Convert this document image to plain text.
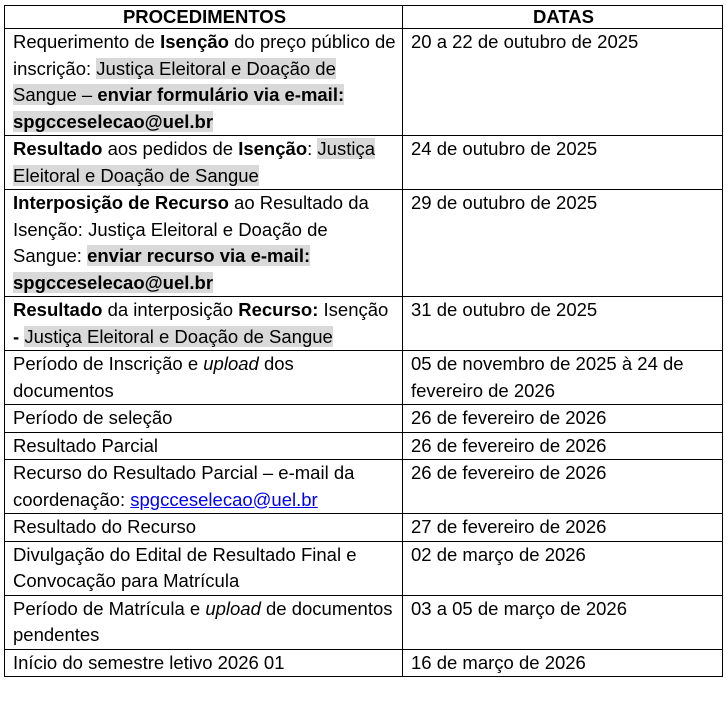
PROCEDIMENTOS	DATAS
Requerimento de Isenção do preço público de inscrição: Justiça Eleitoral e Doação de Sangue – enviar formulário via e-mail: spgcceselecao@uel.br	20 a 22 de outubro de 2025
Resultado aos pedidos de Isenção: Justiça Eleitoral e Doação de Sangue	24 de outubro de 2025
Interposição de Recurso ao Resultado da Isenção: Justiça Eleitoral e Doação de Sangue: enviar recurso via e-mail: spgcceselecao@uel.br	29 de outubro de 2025
Resultado da interposição Recurso: Isenção - Justiça Eleitoral e Doação de Sangue	31 de outubro de 2025
Período de Inscrição e upload dos documentos	05 de novembro de 2025 à 24 de fevereiro de 2026
Período de seleção	26 de fevereiro de 2026
Resultado Parcial	26 de fevereiro de 2026
Recurso do Resultado Parcial – e-mail da coordenação: spgcceselecao@uel.br	26 de fevereiro de 2026
Resultado do Recurso	27 de fevereiro de 2026
Divulgação do Edital de Resultado Final e Convocação para Matrícula	02 de março de 2026
Período de Matrícula e upload de documentos pendentes	03 a 05 de março de 2026
Início do semestre letivo 2026 01	16 de março de 2026
